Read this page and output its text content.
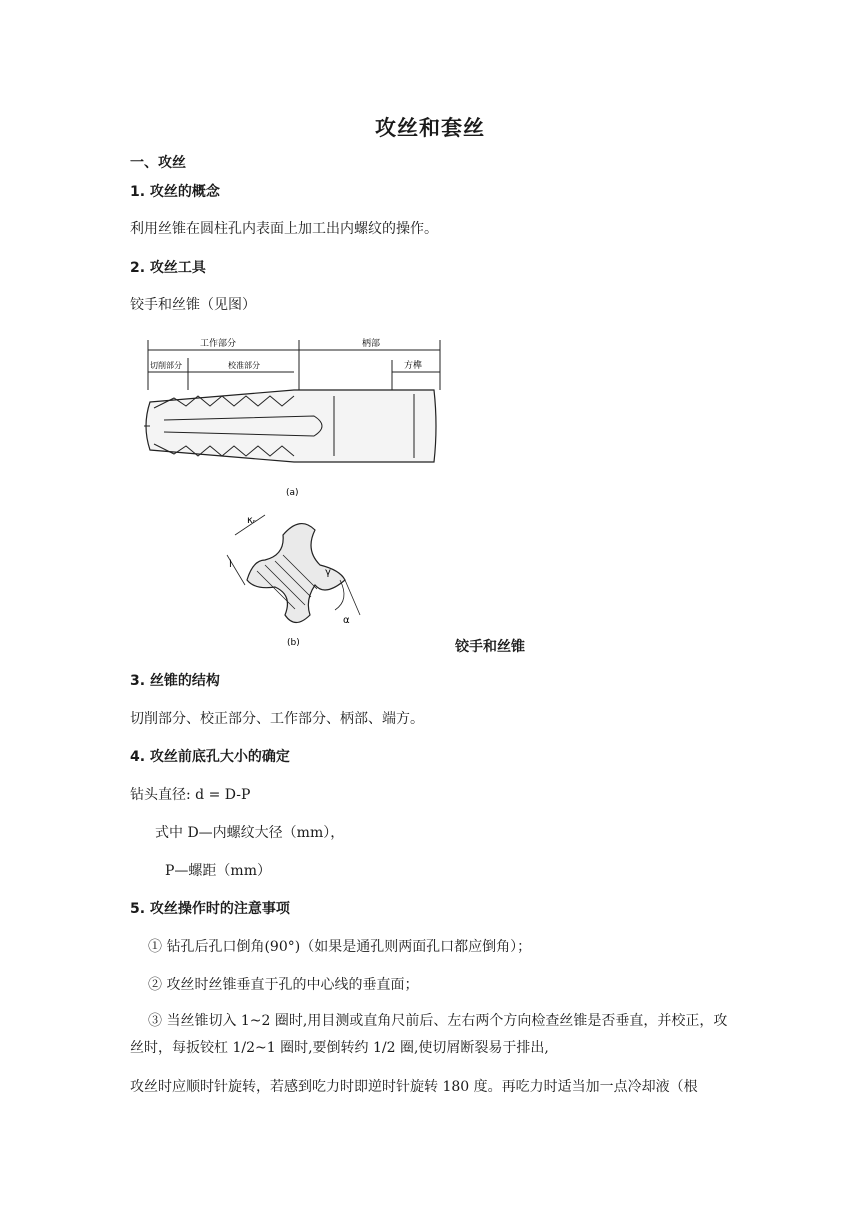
攻丝和套丝
一、攻丝
1. 攻丝的概念
利用丝锥在圆柱孔内表面上加工出内螺纹的操作。
2. 攻丝工具
铰手和丝锥（见图）
工作部分	柄部
切削部分	校准部分	方榫
(a)
κᵣ
l
γ
α
(b)	铰手和丝锥
3. 丝锥的结构
切削部分、校正部分、工作部分、柄部、端方。
4. 攻丝前底孔大小的确定
钻头直径: d = D-P
式中 D—内螺纹大径（mm），
P—螺距（mm）
5. 攻丝操作时的注意事项
① 钻孔后孔口倒角(90°)（如果是通孔则两面孔口都应倒角）；
② 攻丝时丝锥垂直于孔的中心线的垂直面；
③ 当丝锥切入 1~2 圈时,用目测或直角尺前后、左右两个方向检查丝锥是否垂直，并校正，攻丝时，每扳铰杠 1/2~1 圈时,要倒转约 1/2 圈,使切屑断裂易于排出,
攻丝时应顺时针旋转，若感到吃力时即逆时针旋转 180 度。再吃力时适当加一点冷却液（根
